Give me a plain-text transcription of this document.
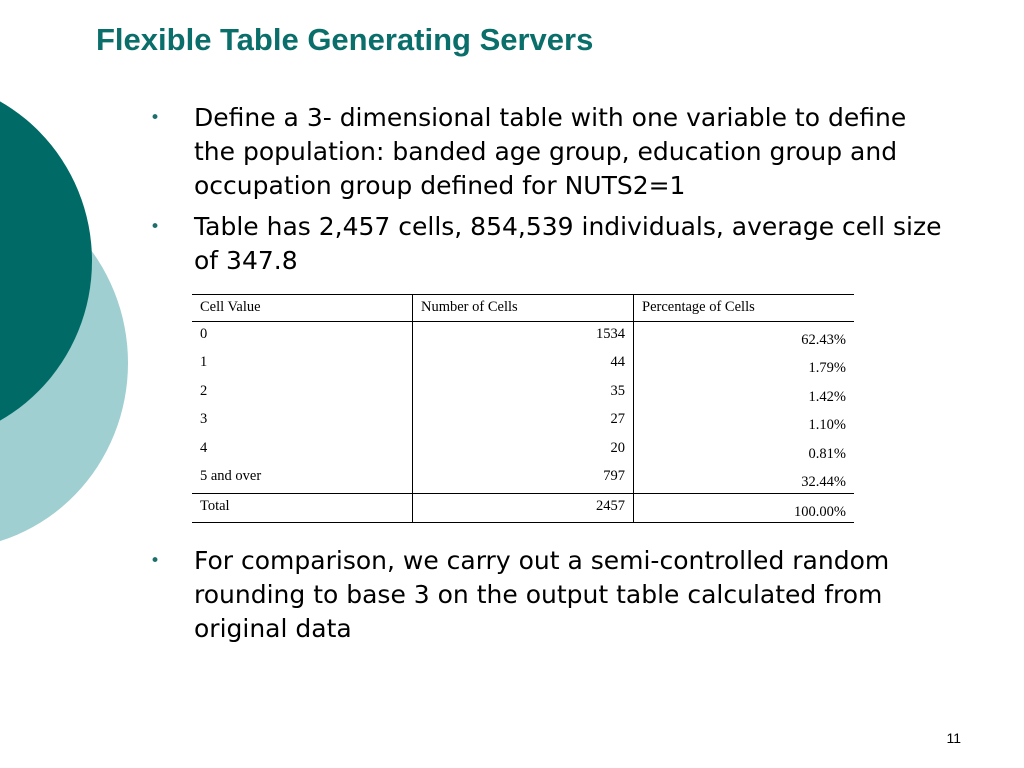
Flexible Table Generating Servers
• Define a 3- dimensional table with one variable to define the population: banded age group, education group and occupation group defined for NUTS2=1
• Table has 2,457 cells, 854,539 individuals, average cell size of 347.8
Cell Value	Number of Cells	Percentage of Cells
0	1534	62.43%
1	44	1.79%
2	35	1.42%
3	27	1.10%
4	20	0.81%
5 and over	797	32.44%
Total	2457	100.00%
• For comparison, we carry out a semi-controlled random rounding to base 3 on the output table calculated from original data
11
